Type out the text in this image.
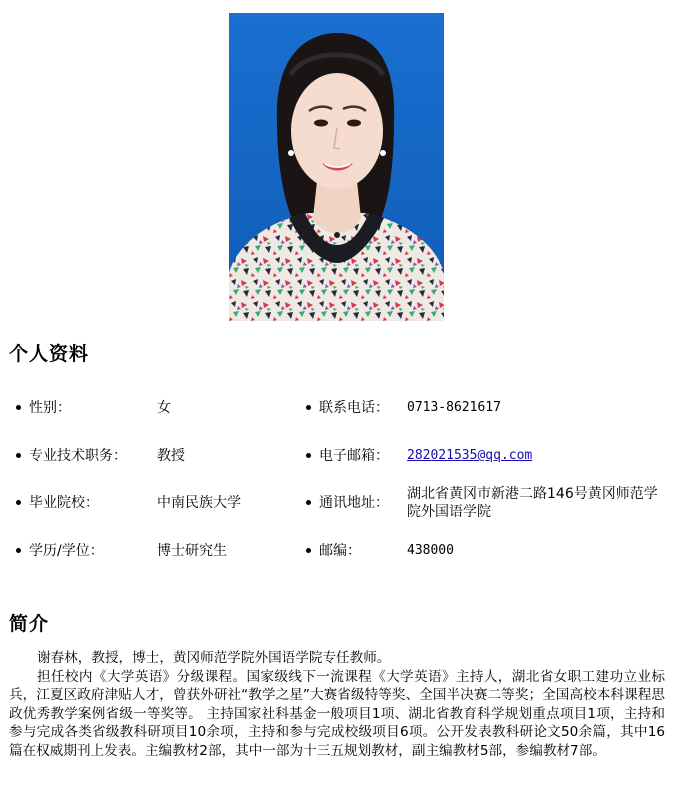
个人资料
性别：	女	联系电话： 0713-8621617
专业技术职务： 教授	电子邮箱： 282021535@qq.com
毕业院校：	中南民族大学	通讯地址：
湖北省黄冈市新港二路146号黄冈师范学院外国语学院
学历/学位：	博士研究生	邮编：	438000
简介

谢春林，教授，博士，黄冈师范学院外国语学院专任教师。

担任校内《大学英语》分级课程。国家级线下一流课程《大学英语》主持人，湖北省女职工建功立业标兵，江夏区政府津贴人才，曾获外研社“教学之星”大赛省级特等奖、全国半决赛二等奖；全国高校本科课程思政优秀教学案例省级一等奖等。 主持国家社科基金一般项目1项、湖北省教育科学规划重点项目1项，主持和参与完成各类省级教科研项目10余项，主持和参与完成校级项目6项。公开发表教科研论文50余篇，其中16篇在权威期刊上发表。主编教材2部，其中一部为十三五规划教材，副主编教材5部，参编教材7部。
